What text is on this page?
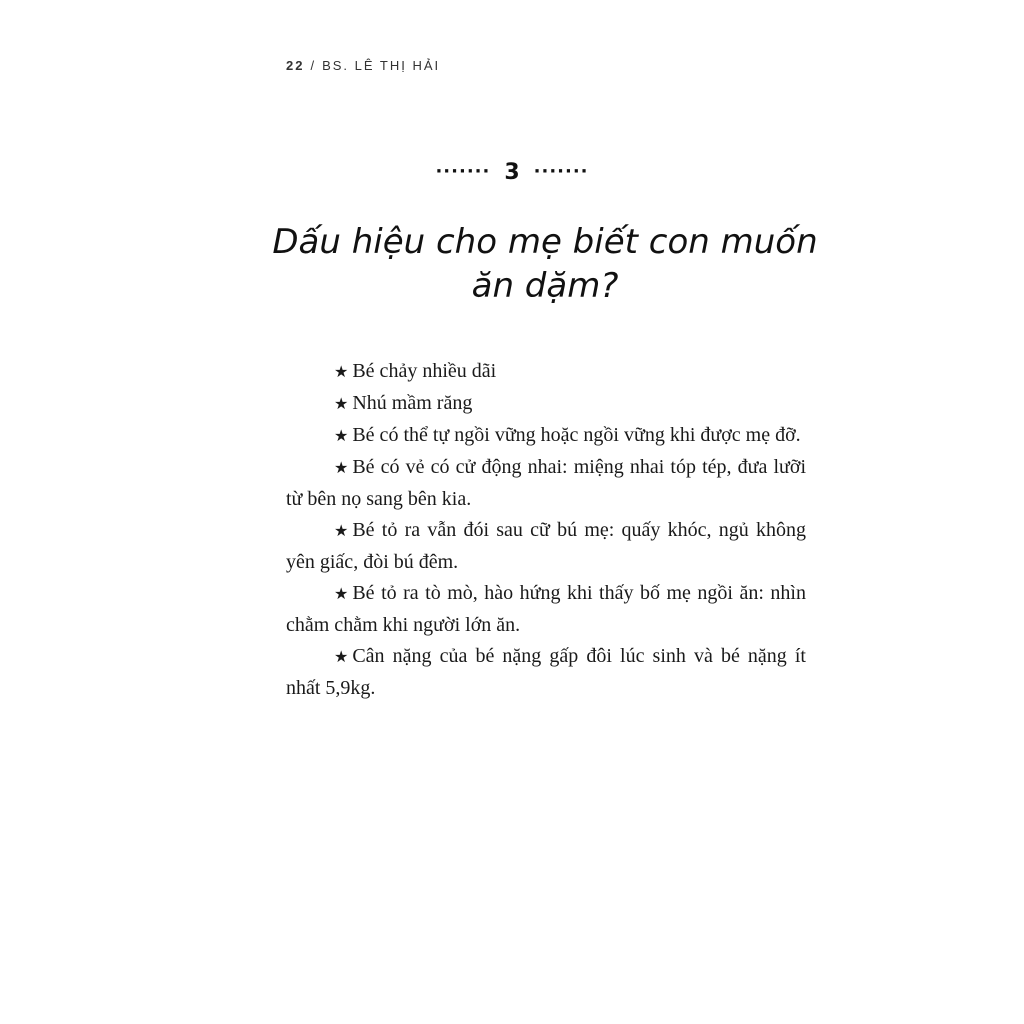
22 / BS. LÊ THỊ HẢI
······· 3 ·······
Dấu hiệu cho mẹ biết con muốn ăn dặm?

★ Bé chảy nhiều dãi

★ Nhú mầm răng

★ Bé có thể tự ngồi vững hoặc ngồi vững khi được mẹ đỡ.

★ Bé có vẻ có cử động nhai: miệng nhai tóp tép, đưa lưỡi từ bên nọ sang bên kia.

★ Bé tỏ ra vẫn đói sau cữ bú mẹ: quấy khóc, ngủ không yên giấc, đòi bú đêm.

★ Bé tỏ ra tò mò, hào hứng khi thấy bố mẹ ngồi ăn: nhìn chằm chằm khi người lớn ăn.

★ Cân nặng của bé nặng gấp đôi lúc sinh và bé nặng ít nhất 5,9kg.
